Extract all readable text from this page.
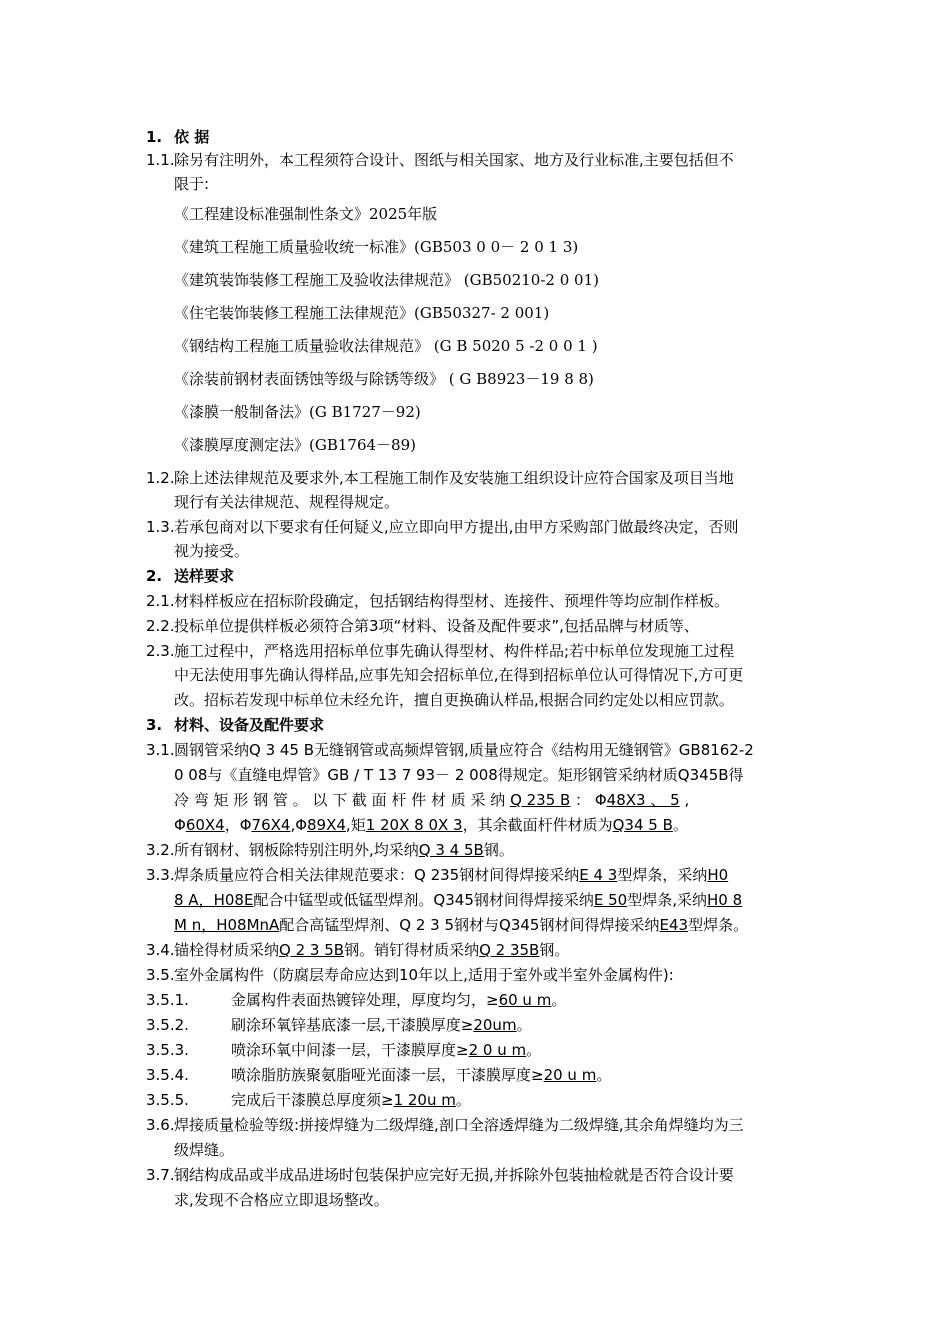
1. 依 据
1.1. 除另有注明外，本工程须符合设计、图纸与相关国家、地方及行业标准,主要包括但不
限于:
《工程建设标准强制性条文》2025年版
《建筑工程施工质量验收统一标准》(GB503 0 0－ 2 0 1 3)
《建筑装饰装修工程施工及验收法律规范》 (GB50210-2 0 01)
《住宅装饰装修工程施工法律规范》(GB50327- 2 001)
《钢结构工程施工质量验收法律规范》 (G B 5020 5 -2 0 0 1 )
《涂装前钢材表面锈蚀等级与除锈等级》 ( G B8923－19 8 8)
《漆膜一般制备法》(G B1727－92)
《漆膜厚度测定法》(GB1764－89)
1.2. 除上述法律规范及要求外,本工程施工制作及安装施工组织设计应符合国家及项目当地
现行有关法律规范、规程得规定。
1.3. 若承包商对以下要求有任何疑义,应立即向甲方提出,由甲方采购部门做最终决定，否则
视为接受。
2. 送样要求
2.1. 材料样板应在招标阶段确定，包括钢结构得型材、连接件、预埋件等均应制作样板。
2.2. 投标单位提供样板必须符合第3项“材料、设备及配件要求”,包括品牌与材质等、
2.3. 施工过程中，严格选用招标单位事先确认得型材、构件样品;若中标单位发现施工过程
中无法使用事先确认得样品,应事先知会招标单位,在得到招标单位认可得情况下,方可更
改。招标若发现中标单位未经允许，擅自更换确认样品,根据合同约定处以相应罚款。
3. 材料、设备及配件要求
3.1. 圆钢管采纳Q 3 45 B无缝钢管或高频焊管钢,质量应符合《结构用无缝钢管》GB8162-2
0 08与《直缝电焊管》GB / T 13 7 93－ 2 008得规定。矩形钢管采纳材质Q345B得
冷 弯 矩 形 钢 管 。 以 下 截 面 杆 件 材 质 采 纳 Q 235 B ： Φ48X3 、 5 ,
Φ60X4，Φ76X4,Φ89X4,矩1 20X 8 0X 3，其余截面杆件材质为Q34 5 B。
3.2. 所有钢材、钢板除特别注明外,均采纳Q 3 4 5B钢。
3.3. 焊条质量应符合相关法律规范要求：Q 235钢材间得焊接采纳E 4 3型焊条，采纳H0
8 A，H08E配合中锰型或低锰型焊剂。Q345钢材间得焊接采纳E 50型焊条,采纳H0 8
M n，H08MnA配合高锰型焊剂、Q 2 3 5钢材与Q345钢材间得焊接采纳E43型焊条。
3.4. 锚栓得材质采纳Q 2 3 5B钢。销钉得材质采纳Q 2 35B钢。
3.5. 室外金属构件（防腐层寿命应达到10年以上,适用于室外或半室外金属构件):
3.5.1.	金属构件表面热镀锌处理，厚度均匀，≥60 u m。
3.5.2.	刷涂环氧锌基底漆一层,干漆膜厚度≥20um。
3.5.3.	喷涂环氧中间漆一层，干漆膜厚度≥2 0 u m。
3.5.4.	喷涂脂肪族聚氨脂哑光面漆一层，干漆膜厚度≥20 u m。
3.5.5.	完成后干漆膜总厚度须≥1 20u m。
3.6. 焊接质量检验等级:拼接焊缝为二级焊缝,剖口全溶透焊缝为二级焊缝,其余角焊缝均为三
级焊缝。
3.7. 钢结构成品或半成品进场时包装保护应完好无损,并拆除外包装抽检就是否符合设计要
求,发现不合格应立即退场整改。
